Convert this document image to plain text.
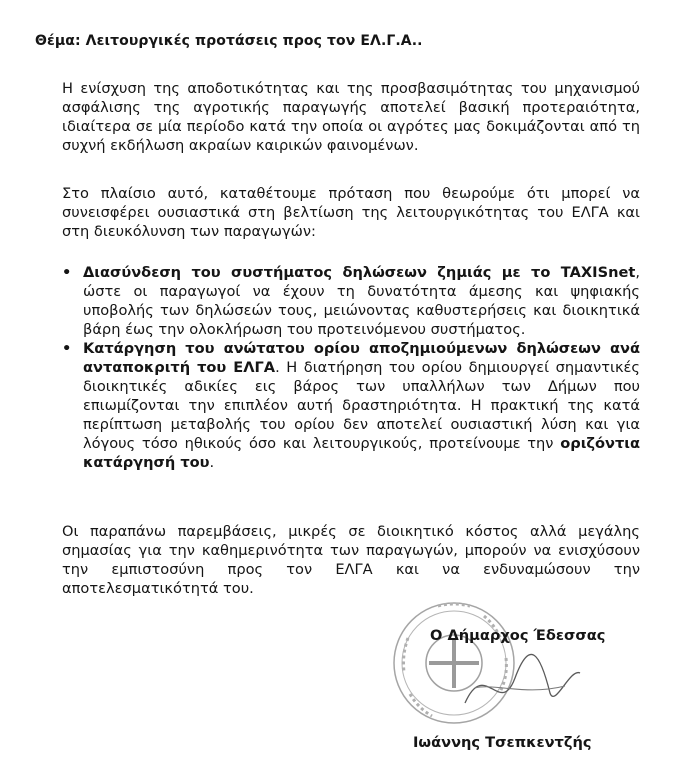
Θέμα: Λειτουργικές προτάσεις προς τον ΕΛ.Γ.Α..
Η ενίσχυση της αποδοτικότητας και της προσβασιμότητας του μηχανισμού ασφάλισης της αγροτικής παραγωγής αποτελεί βασική προτεραιότητα, ιδιαίτερα σε μία περίοδο κατά την οποία οι αγρότες μας δοκιμάζονται από τη συχνή εκδήλωση ακραίων καιρικών φαινομένων.
Στο πλαίσιο αυτό, καταθέτουμε πρόταση που θεωρούμε ότι μπορεί να συνεισφέρει ουσιαστικά στη βελτίωση της λειτουργικότητας του ΕΛΓΑ και στη διευκόλυνση των παραγωγών:
• Διασύνδεση του συστήματος δηλώσεων ζημιάς με το TAXISnet, ώστε οι παραγωγοί να έχουν τη δυνατότητα άμεσης και ψηφιακής υποβολής των δηλώσεών τους, μειώνοντας καθυστερήσεις και διοικητικά βάρη έως την ολοκλήρωση του προτεινόμενου συστήματος.
• Κατάργηση του ανώτατου ορίου αποζημιούμενων δηλώσεων ανά ανταποκριτή του ΕΛΓΑ. Η διατήρηση του ορίου δημιουργεί σημαντικές διοικητικές αδικίες εις βάρος των υπαλλήλων των Δήμων που επιωμίζονται την επιπλέον αυτή δραστηριότητα. Η πρακτική της κατά περίπτωση μεταβολής του ορίου δεν αποτελεί ουσιαστική λύση και για λόγους τόσο ηθικούς όσο και λειτουργικούς, προτείνουμε την οριζόντια κατάργησή του.
Οι παραπάνω παρεμβάσεις, μικρές σε διοικητικό κόστος αλλά μεγάλης σημασίας για την καθημερινότητα των παραγωγών, μπορούν να ενισχύσουν την εμπιστοσύνη προς τον ΕΛΓΑ και να ενδυναμώσουν την αποτελεσματικότητά του.
Ο Δήμαρχος Έδεσσας
Ιωάννης Τσεπκεντζής
